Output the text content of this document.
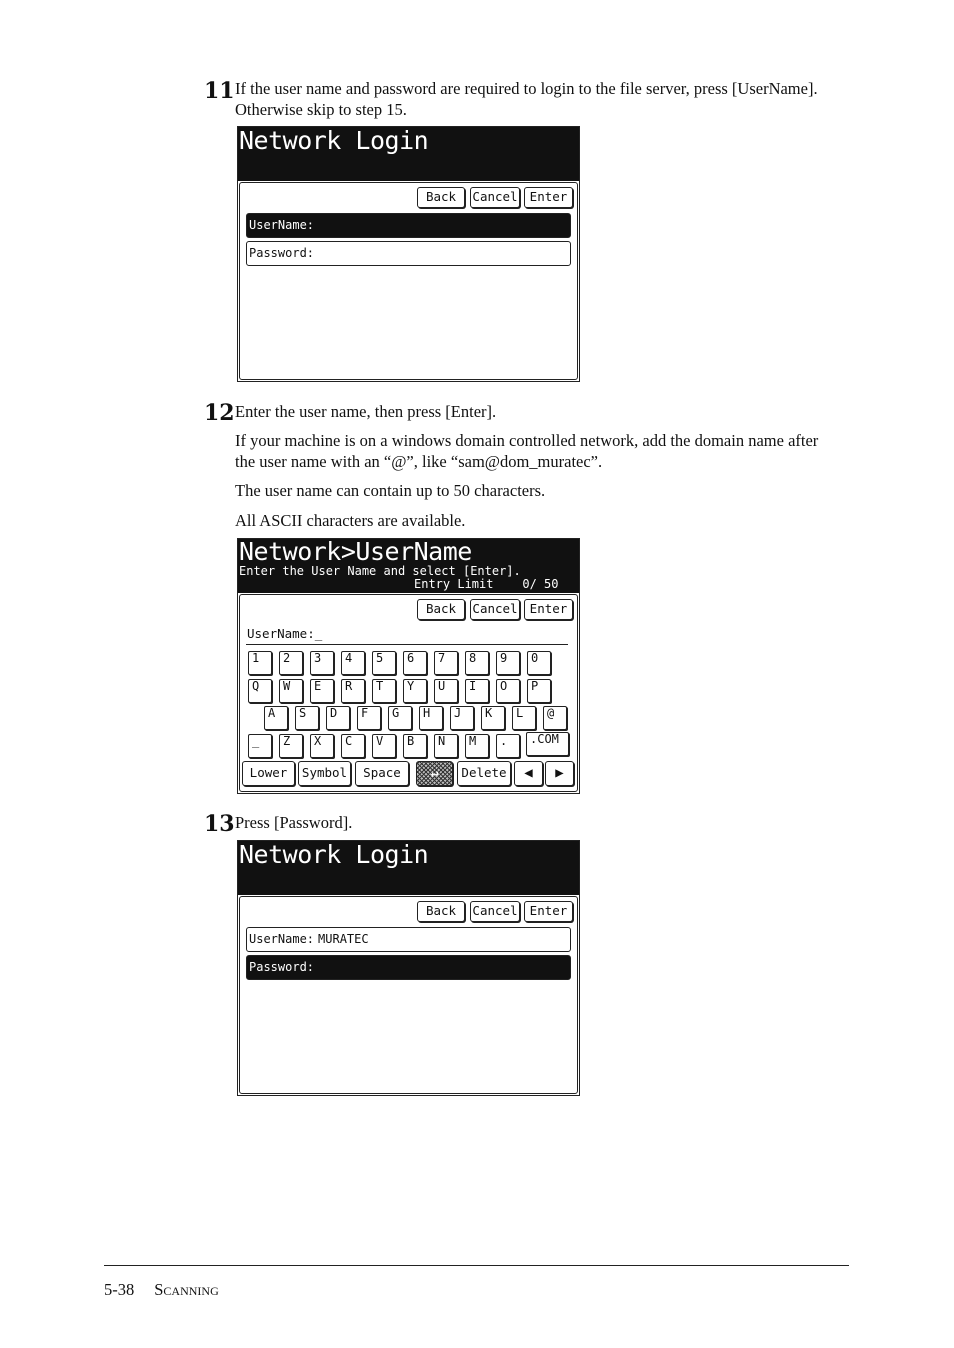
11 If the user name and password are required to login to the file server, press [UserName]. Otherwise skip to step 15.
Network Login
Back	Cancel Enter
UserName:
Password:
12 Enter the user name, then press [Enter].
If your machine is on a windows domain controlled network, add the domain name after the user name with an “@”, like “sam@dom_muratec”.
The user name can contain up to 50 characters.
All ASCII characters are available.
Network>UserName
Enter the User Name and select [Enter].
Entry Limit    0/ 50
Back	Cancel Enter
UserName:_
1	2	3	4	5	6	7	8	9	0
Q	W	E	R	T	Y	U	I	O	P
A	S	D	F	G	H	J	K	L	@
_	Z	X	C	V	B	N	M	.	.COM
Lower	Symbol	Space	↵	Delete	◀	▶
13 Press [Password].
Network Login
Back	Cancel Enter
UserName: MURATEC
Password:
5-38 Scanning
